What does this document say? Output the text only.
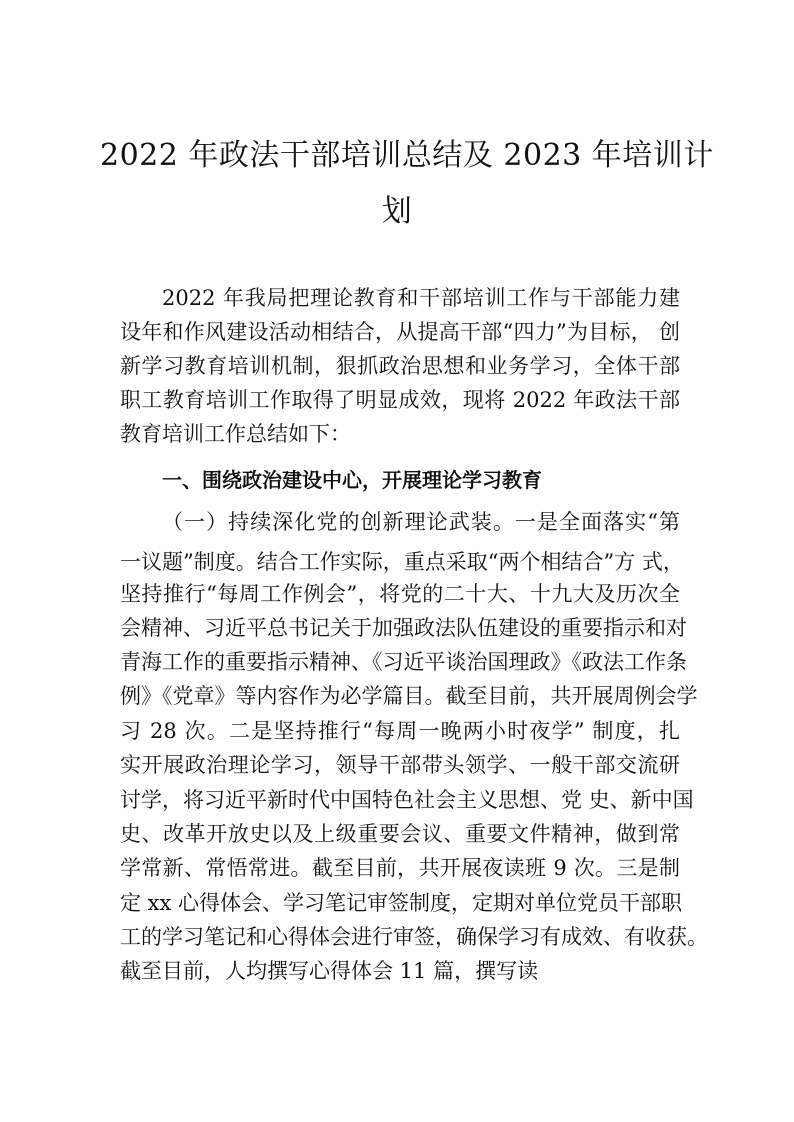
2022 年政法干部培训总结及 2023 年培训计
划
2022 年我局把理论教育和干部培训工作与干部能力建
设年和作风建设活动相结合，从提高干部“四力”为目标， 创
新学习教育培训机制，狠抓政治思想和业务学习，全体干部
职工教育培训工作取得了明显成效，现将 2022 年政法干部
教育培训工作总结如下：
一、围绕政治建设中心，开展理论学习教育
（一）持续深化党的创新理论武装。一是全面落实“第
一议题”制度。结合工作实际，重点采取“两个相结合”方 式，
坚持推行“每周工作例会”，将党的二十大、十九大及历次全
会精神、习近平总书记关于加强政法队伍建设的重要指示和对
青海工作的重要指示精神、《习近平谈治国理政》《政法工作条
例》《党章》等内容作为必学篇目。截至目前，共开展周例会学
习 28 次。二是坚持推行“每周一晚两小时夜学” 制度，扎
实开展政治理论学习，领导干部带头领学、一般干部交流研
讨学，将习近平新时代中国特色社会主义思想、党 史、新中国
史、改革开放史以及上级重要会议、重要文件精神，做到常
学常新、常悟常进。截至目前，共开展夜读班 9 次。三是制
定 xx 心得体会、学习笔记审签制度，定期对单位党员干部职
工的学习笔记和心得体会进行审签，确保学习有成效、有收获。
截至目前，人均撰写心得体会 11 篇，撰写读
